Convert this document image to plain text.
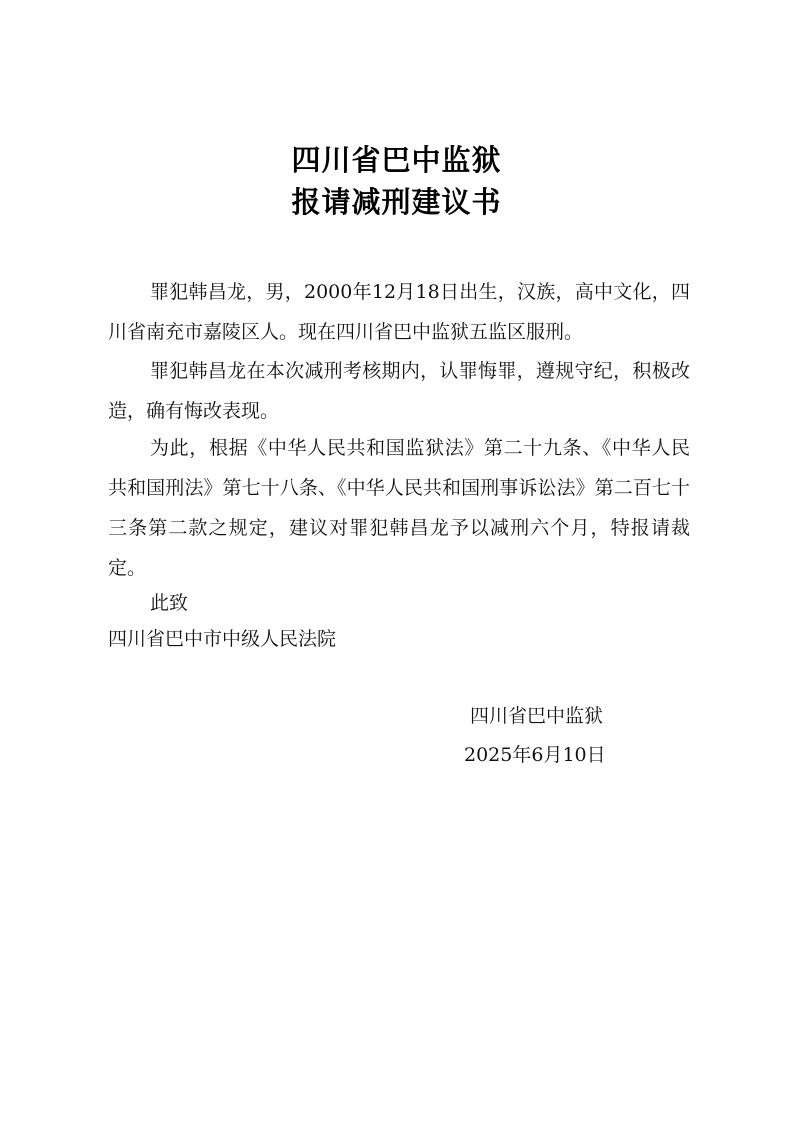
四川省巴中监狱
报请减刑建议书

罪犯韩昌龙，男，2000年12月18日出生，汉族，高中文化，四川省南充市嘉陵区人。现在四川省巴中监狱五监区服刑。

罪犯韩昌龙在本次减刑考核期内，认罪悔罪，遵规守纪，积极改造，确有悔改表现。

为此，根据《中华人民共和国监狱法》第二十九条、《中华人民共和国刑法》第七十八条、《中华人民共和国刑事诉讼法》第二百七十三条第二款之规定，建议对罪犯韩昌龙予以减刑六个月，特报请裁定。

此致
四川省巴中市中级人民法院
四川省巴中监狱
2025年6月10日
